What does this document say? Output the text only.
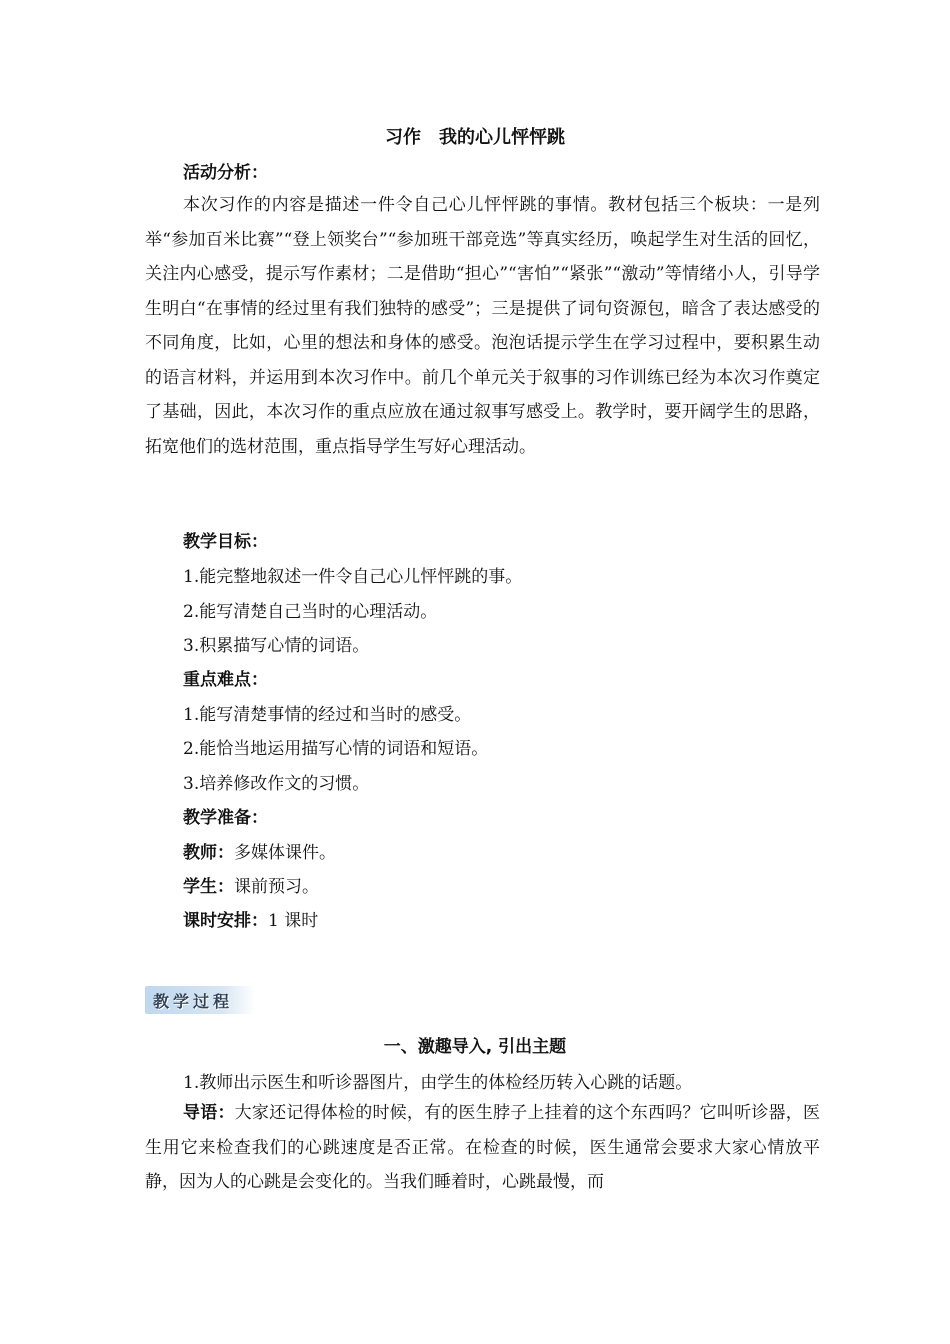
习作　我的心儿怦怦跳
活动分析：
本次习作的内容是描述一件令自己心儿怦怦跳的事情。教材包括三个板块：一是列举“参加百米比赛”“登上领奖台”“参加班干部竞选”等真实经历，唤起学生对生活的回忆，关注内心感受，提示写作素材；二是借助“担心”“害怕”“紧张”“激动”等情绪小人，引导学生明白“在事情的经过里有我们独特的感受”；三是提供了词句资源包，暗含了表达感受的不同角度，比如，心里的想法和身体的感受。泡泡话提示学生在学习过程中，要积累生动的语言材料，并运用到本次习作中。前几个单元关于叙事的习作训练已经为本次习作奠定了基础，因此，本次习作的重点应放在通过叙事写感受上。教学时，要开阔学生的思路，拓宽他们的选材范围，重点指导学生写好心理活动。
教学目标：
1.能完整地叙述一件令自己心儿怦怦跳的事。
2.能写清楚自己当时的心理活动。
3.积累描写心情的词语。
重点难点：
1.能写清楚事情的经过和当时的感受。
2.能恰当地运用描写心情的词语和短语。
3.培养修改作文的习惯。
教学准备：
教师：多媒体课件。
学生：课前预习。
课时安排：1 课时
教学过程
一、激趣导入, 引出主题
1.教师出示医生和听诊器图片，由学生的体检经历转入心跳的话题。
导语：大家还记得体检的时候，有的医生脖子上挂着的这个东西吗？它叫听诊器，医生用它来检查我们的心跳速度是否正常。在检查的时候，医生通常会要求大家心情放平静，因为人的心跳是会变化的。当我们睡着时，心跳最慢，而
